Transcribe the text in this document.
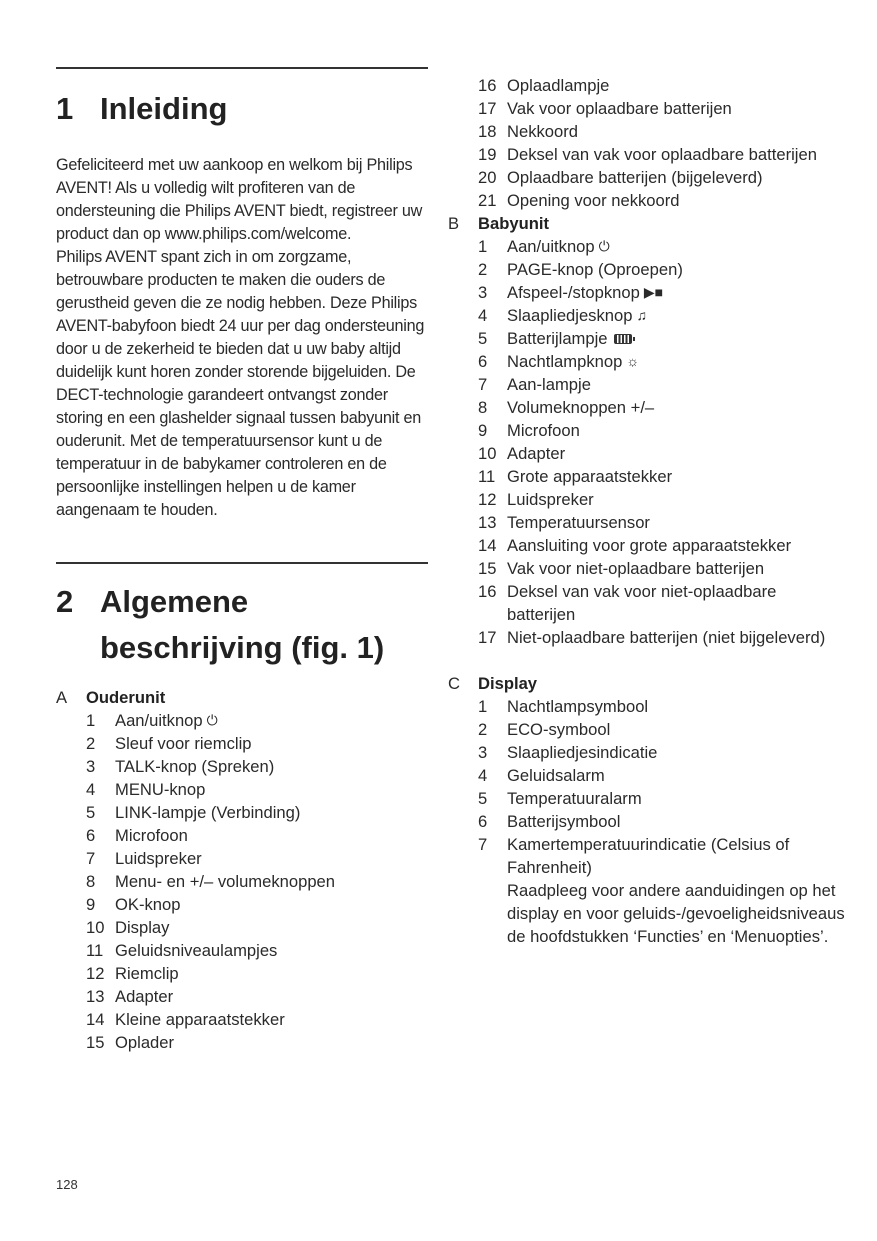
1 Inleiding

Gefeliciteerd met uw aankoop en welkom bij Philips AVENT! Als u volledig wilt profiteren van de ondersteuning die Philips AVENT biedt, registreer uw product dan op www.philips.com/welcome.

Philips AVENT spant zich in om zorgzame, betrouwbare producten te maken die ouders de gerustheid geven die ze nodig hebben. Deze Philips AVENT-babyfoon biedt 24 uur per dag ondersteuning door u de zekerheid te bieden dat u uw baby altijd duidelijk kunt horen zonder storende bijgeluiden. De DECT-technologie garandeert ontvangst zonder storing en een glashelder signaal tussen babyunit en ouderunit. Met de temperatuursensor kunt u de temperatuur in de babykamer controleren en de persoonlijke instellingen helpen u de kamer aangenaam te houden.

2 Algemene beschrijving (fig. 1)
A	Ouderunit
1	Aan/uitknop ⏻
2	Sleuf voor riemclip
3	TALK-knop (Spreken)
4	MENU-knop
5	LINK-lampje (Verbinding)
6	Microfoon
7	Luidspreker
8	Menu- en +/– volumeknoppen
9	OK-knop
10 Display
11 Geluidsniveaulampjes
12 Riemclip
13 Adapter
14 Kleine apparaatstekker
15 Oplader
16 Oplaadlampje
17 Vak voor oplaadbare batterijen
18 Nekkoord
19 Deksel van vak voor oplaadbare batterijen
20 Oplaadbare batterijen (bijgeleverd)
21 Opening voor nekkoord
B	Babyunit
1	Aan/uitknop ⏻
2	PAGE-knop (Oproepen)
3	Afspeel-/stopknop ▶■
4	Slaapliedjesknop ♫
5	Batterijlampje
6	Nachtlampknop ☼
7	Aan-lampje
8	Volumeknoppen +/–
9	Microfoon
10 Adapter
11 Grote apparaatstekker
12 Luidspreker
13 Temperatuursensor
14 Aansluiting voor grote apparaatstekker
15 Vak voor niet-oplaadbare batterijen
16 Deksel van vak voor niet-oplaadbare batterijen
17 Niet-oplaadbare batterijen (niet bijgeleverd)
C	Display
1	Nachtlampsymbool
2	ECO-symbool
3	Slaapliedjesindicatie
4	Geluidsalarm
5	Temperatuuralarm
6	Batterijsymbool
7	Kamertemperatuurindicatie (Celsius of Fahrenheit)
Raadpleeg voor andere aanduidingen op het display en voor geluids-/gevoeligheidsniveaus de hoofdstukken ‘Functies’ en ‘Menuopties’.
128
